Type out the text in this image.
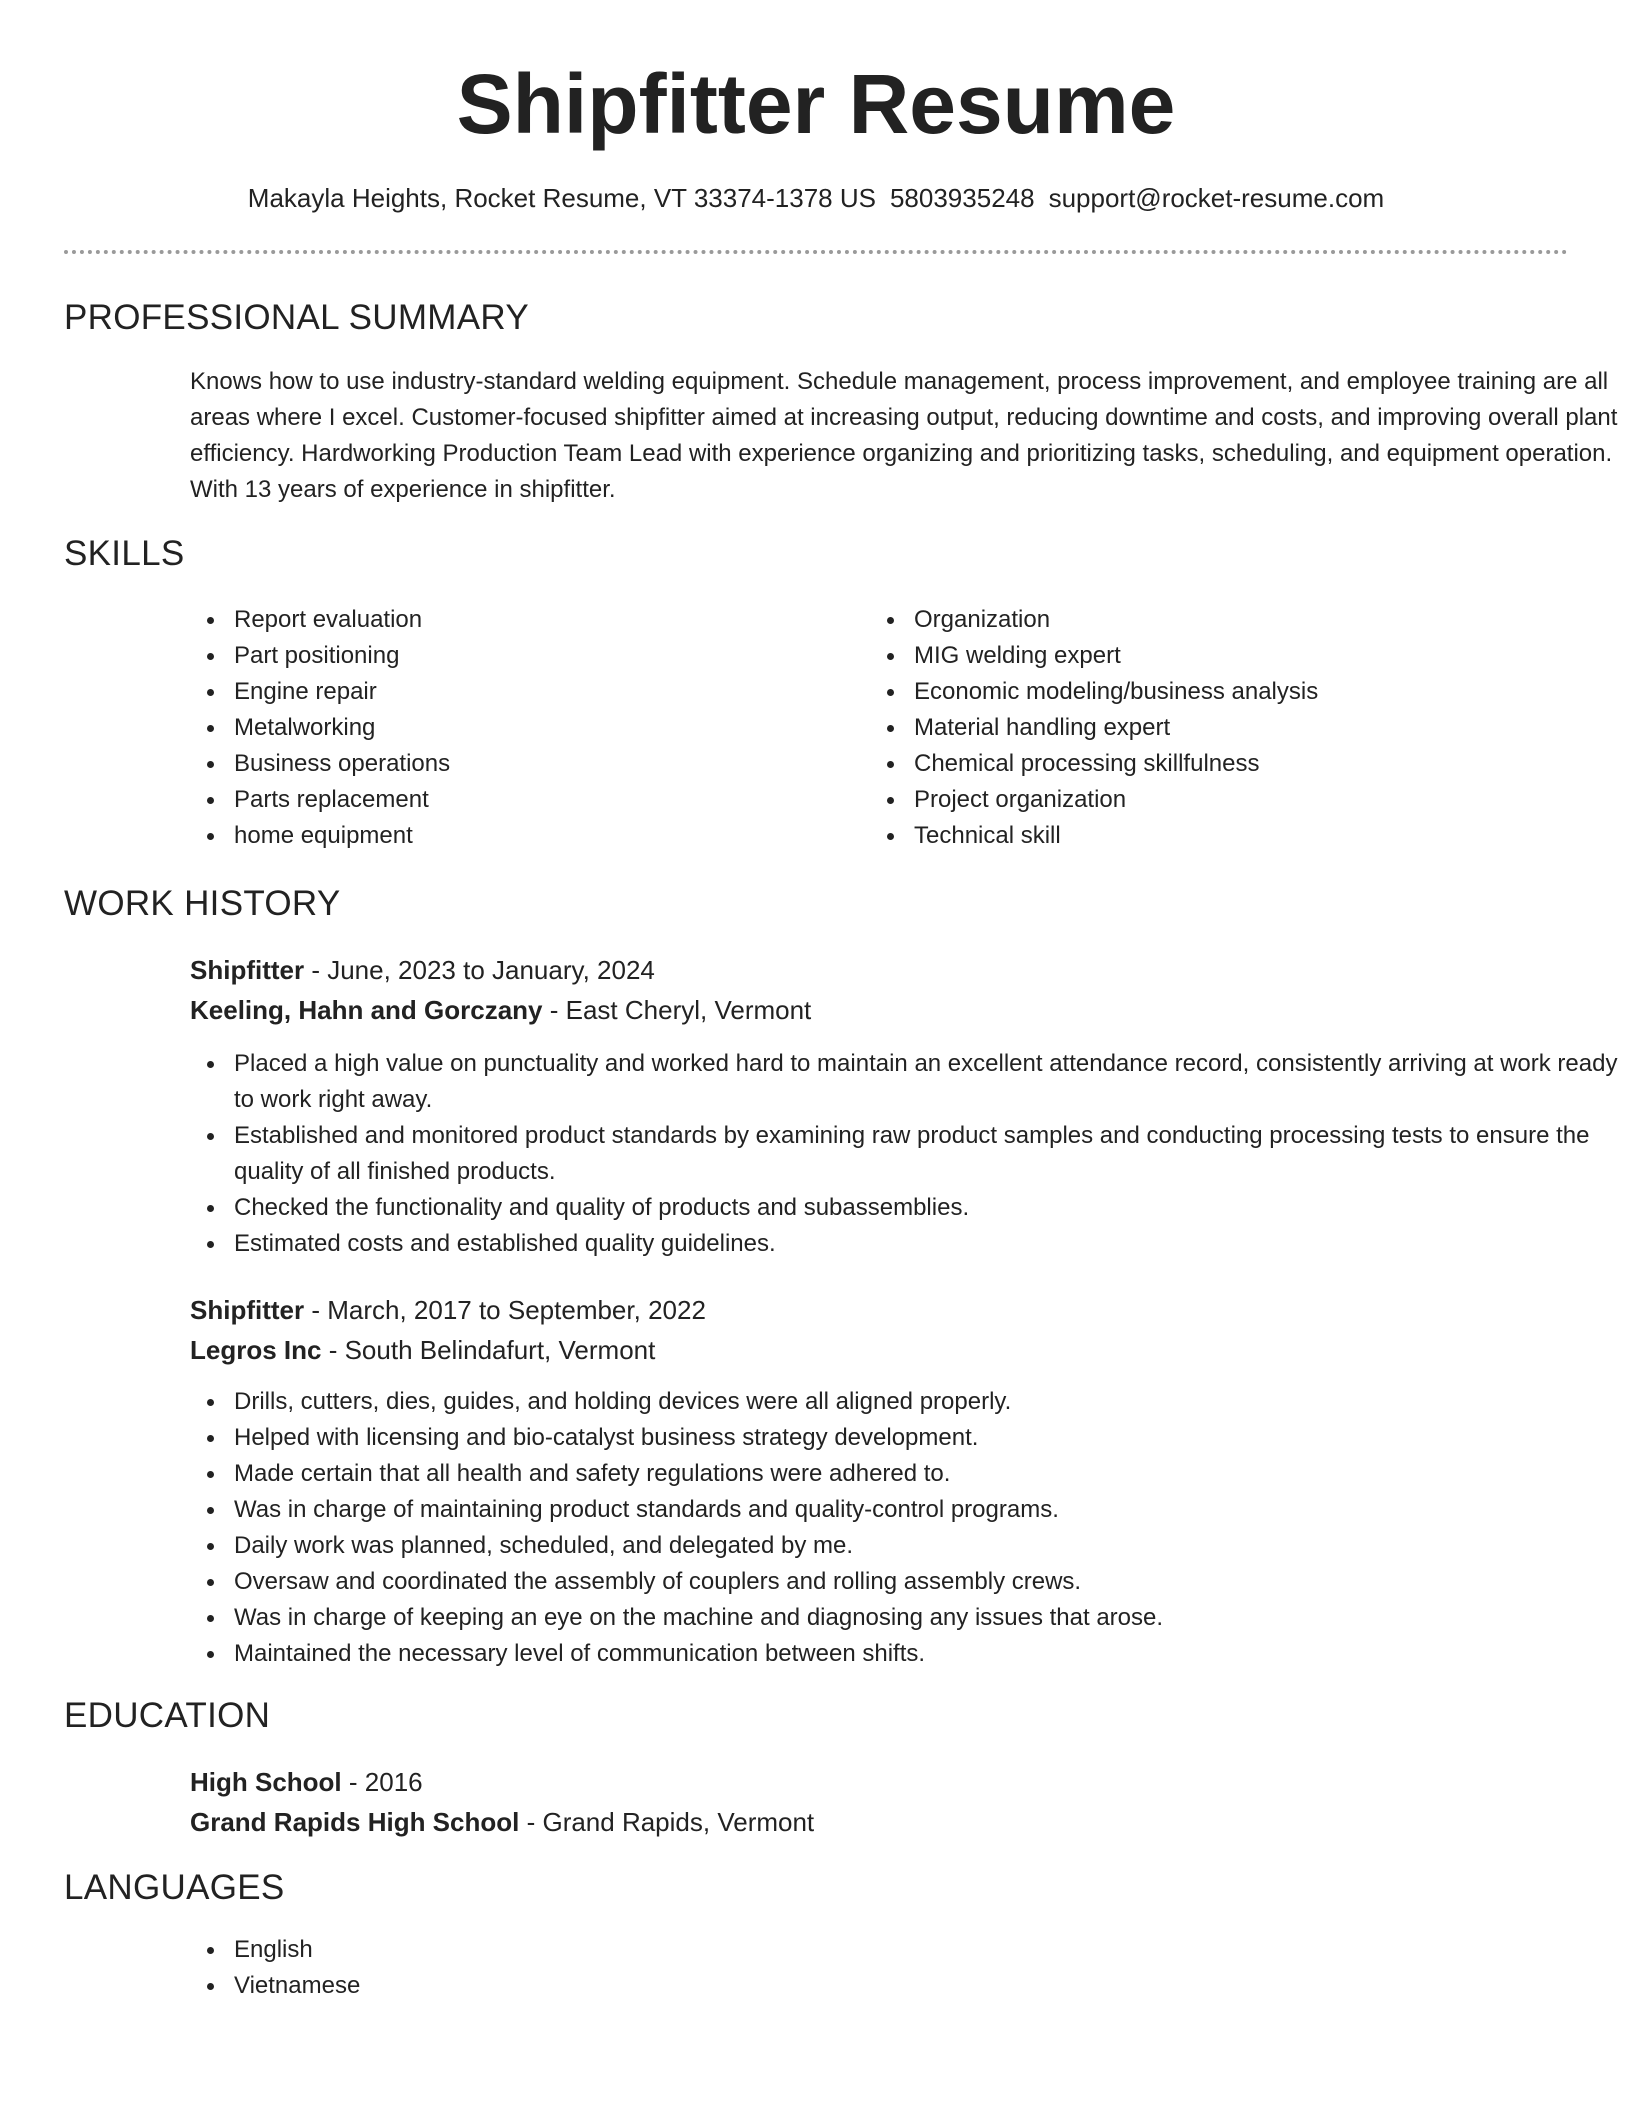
Shipfitter Resume
Makayla Heights, Rocket Resume, VT 33374-1378 US 5803935248 support@rocket-resume.com
PROFESSIONAL SUMMARY

Knows how to use industry-standard welding equipment. Schedule management, process improvement, and employee training are all areas where I excel. Customer-focused shipfitter aimed at increasing output, reducing downtime and costs, and improving overall plant efficiency. Hardworking Production Team Lead with experience organizing and prioritizing tasks, scheduling, and equipment operation. With 13 years of experience in shipfitter.

SKILLS
Report evaluation
Part positioning
Engine repair
Metalworking
Business operations
Parts replacement
home equipment
Organization
MIG welding expert
Economic modeling/business analysis
Material handling expert
Chemical processing skillfulness
Project organization
Technical skill
WORK HISTORY
Shipfitter - June, 2023 to January, 2024
Keeling, Hahn and Gorczany - East Cheryl, Vermont
Placed a high value on punctuality and worked hard to maintain an excellent attendance record, consistently arriving at work ready to work right away.
Established and monitored product standards by examining raw product samples and conducting processing tests to ensure the quality of all finished products.
Checked the functionality and quality of products and subassemblies.
Estimated costs and established quality guidelines.
Shipfitter - March, 2017 to September, 2022
Legros Inc - South Belindafurt, Vermont
Drills, cutters, dies, guides, and holding devices were all aligned properly.
Helped with licensing and bio-catalyst business strategy development.
Made certain that all health and safety regulations were adhered to.
Was in charge of maintaining product standards and quality-control programs.
Daily work was planned, scheduled, and delegated by me.
Oversaw and coordinated the assembly of couplers and rolling assembly crews.
Was in charge of keeping an eye on the machine and diagnosing any issues that arose.
Maintained the necessary level of communication between shifts.
EDUCATION
High School - 2016
Grand Rapids High School - Grand Rapids, Vermont
LANGUAGES
English
Vietnamese
